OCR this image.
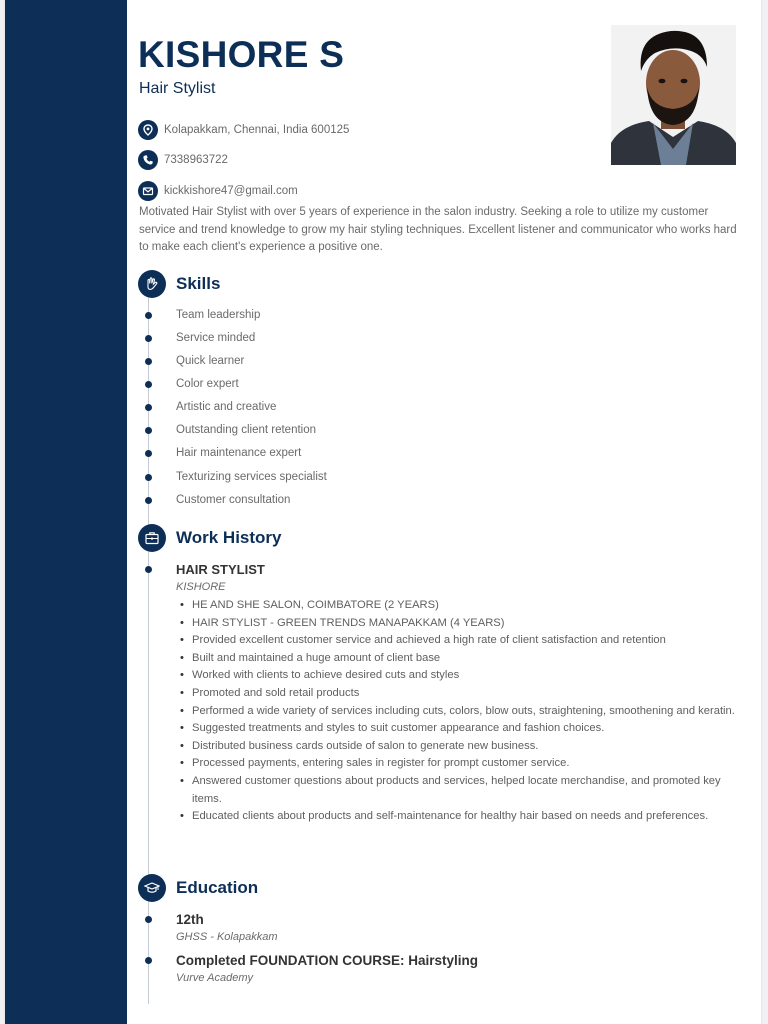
KISHORE S
Hair Stylist
Kolapakkam, Chennai, India 600125
7338963722
kickkishore47@gmail.com

Motivated Hair Stylist with over 5 years of experience in the salon industry. Seeking a role to utilize my customer service and trend knowledge to grow my hair styling techniques. Excellent listener and communicator who works hard to make each client's experience a positive one.

Skills
Team leadership
Service minded
Quick learner
Color expert
Artistic and creative
Outstanding client retention
Hair maintenance expert
Texturizing services specialist
Customer consultation
Work History
HAIR STYLIST
KISHORE
• HE AND SHE SALON, COIMBATORE (2 YEARS)
• HAIR STYLIST - GREEN TRENDS MANAPAKKAM (4 YEARS)
• Provided excellent customer service and achieved a high rate of client satisfaction and retention
• Built and maintained a huge amount of client base
• Worked with clients to achieve desired cuts and styles
• Promoted and sold retail products
• Performed a wide variety of services including cuts, colors, blow outs, straightening, smoothening and keratin.
• Suggested treatments and styles to suit customer appearance and fashion choices.
• Distributed business cards outside of salon to generate new business.
• Processed payments, entering sales in register for prompt customer service.
• Answered customer questions about products and services, helped locate merchandise, and promoted key items.
• Educated clients about products and self-maintenance for healthy hair based on needs and preferences.
Education
12th
GHSS - Kolapakkam
Completed FOUNDATION COURSE: Hairstyling
Vurve Academy
